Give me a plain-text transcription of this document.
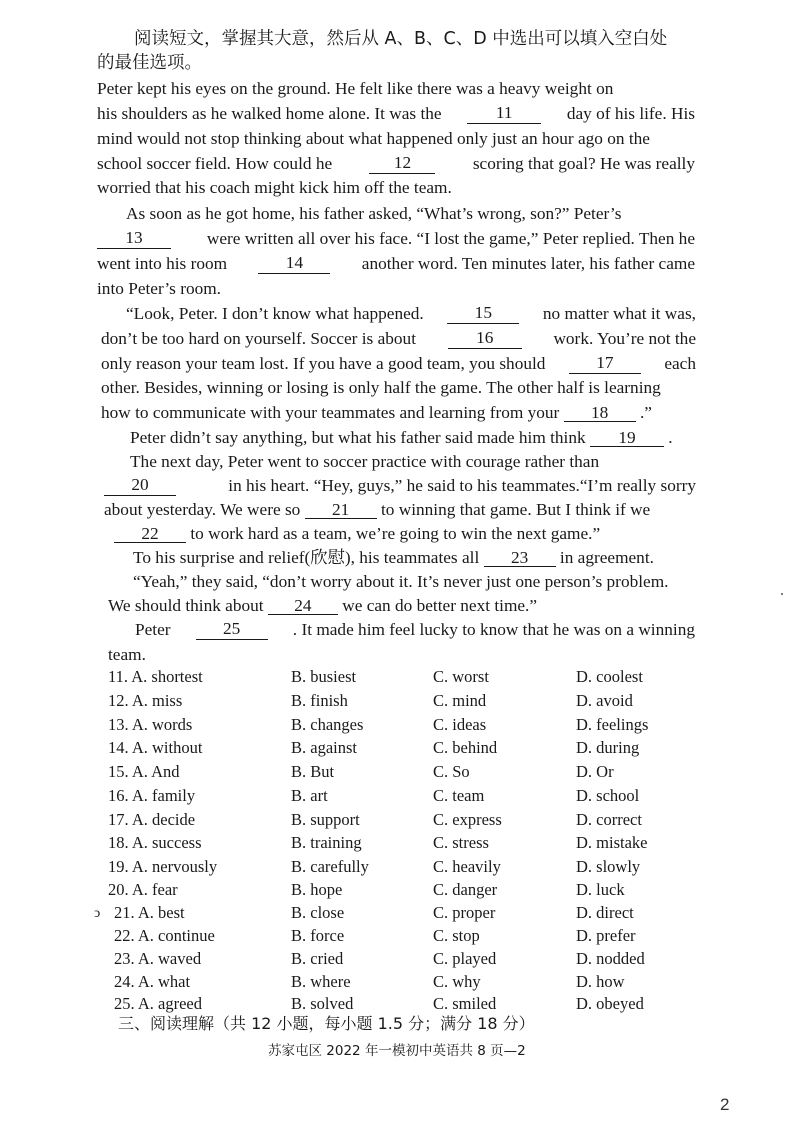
阅读短文，掌握其大意，然后从 A、B、C、D 中选出可以填入空白处
的最佳选项。
Peter kept his eyes on the ground. He felt like there was a heavy weight on
his shoulders as he walked home alone. It was the	11	day of his life. His
mind would not stop thinking about what happened only just an hour ago on the
school soccer field. How could he	12	scoring that goal? He was really
worried that his coach might kick him off the team.
As soon as he got home, his father asked, “What’s wrong, son?” Peter’s
13	were written all over his face. “I lost the game,” Peter replied. Then he
went into his room	14	another word. Ten minutes later, his father came
into Peter’s room.
“Look, Peter. I don’t know what happened.	15	no matter what it was,
don’t be too hard on yourself. Soccer is about	16	work. You’re not the
only reason your team lost. If you have a good team, you should	17	each
other. Besides, winning or losing is only half the game. The other half is learning
how to communicate with your teammates and learning from your 18 .”
Peter didn’t say anything, but what his father said made him think 19 .
The next day, Peter went to soccer practice with courage rather than
20	in his heart. “Hey, guys,” he said to his teammates.“I’m really sorry
about yesterday. We were so 21 to winning that game. But I think if we
22 to work hard as a team, we’re going to win the next game.”
To his surprise and relief(欣慰), his teammates all 23 in agreement.
“Yeah,” they said, “don’t worry about it. It’s never just one person’s problem.
We should think about 24 we can do better next time.”
Peter	25	. It made him feel lucky to know that he was on a winning
team.
11. A. shortest	B. busiest	C. worst	D. coolest
12. A. miss	B. finish	C. mind	D. avoid
13. A. words	B. changes	C. ideas	D. feelings
14. A. without	B. against	C. behind	D. during
15. A. And	B. But	C. So	D. Or
16. A. family	B. art	C. team	D. school
17. A. decide	B. support	C. express	D. correct
18. A. success	B. training	C. stress	D. mistake
19. A. nervously	B. carefully	C. heavily	D. slowly
20. A. fear	B. hope	C. danger	D. luck
21. A. best	B. close	C. proper	D. direct
22. A. continue	B. force	C. stop	D. prefer
23. A. waved	B. cried	C. played	D. nodded
24. A. what	B. where	C. why	D. how
25. A. agreed	B. solved	C. smiled	D. obeyed
ↄ
三、阅读理解（共 12 小题，每小题 1.5 分；满分 18 分）
苏家屯区 2022 年一模初中英语共 8 页—2
2
